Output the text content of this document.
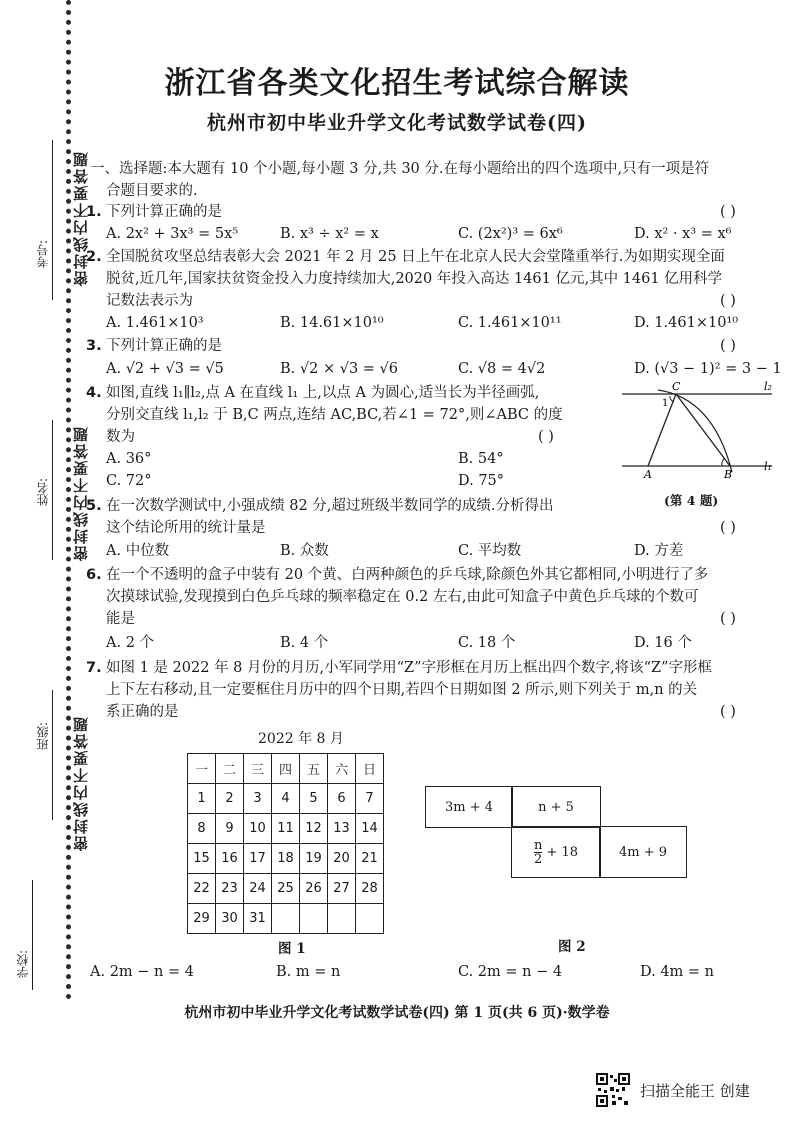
密封线内不要答题
考号:
密封线内不要答题
姓名:
密封线内不要答题
班级:
学校:
浙江省各类文化招生考试综合解读
杭州市初中毕业升学文化考试数学试卷(四)
一、选择题:本大题有 10 个小题,每小题 3 分,共 30 分.在每小题给出的四个选项中,只有一项是符
合题目要求的.
1. 下列计算正确的是	( )
A. 2x² + 3x³ = 5x⁵	B. x³ ÷ x² = x	C. (2x²)³ = 6x⁶	D. x² · x³ = x⁶
2. 全国脱贫攻坚总结表彰大会 2021 年 2 月 25 日上午在北京人民大会堂隆重举行.为如期实现全面
脱贫,近几年,国家扶贫资金投入力度持续加大,2020 年投入高达 1461 亿元,其中 1461 亿用科学
记数法表示为	( )
A. 1.461×10³	B. 14.61×10¹⁰	C. 1.461×10¹¹	D. 1.461×10¹⁰
3. 下列计算正确的是	( )
A. √2 + √3 = √5	B. √2 × √3 = √6	C. √8 = 4√2	D. (√3 − 1)² = 3 − 1
4. 如图,直线 l₁∥l₂,点 A 在直线 l₁ 上,以点 A 为圆心,适当长为半径画弧,
分别交直线 l₁,l₂ 于 B,C 两点,连结 AC,BC,若∠1 = 72°,则∠ABC 的度
数为	( )
A. 36°	B. 54°
C. 72°	D. 75°
C
1
A	B
l₂
l₁
(第 4 题)
5. 在一次数学测试中,小强成绩 82 分,超过班级半数同学的成绩.分析得出
这个结论所用的统计量是	( )
A. 中位数	B. 众数	C. 平均数	D. 方差
6. 在一个不透明的盒子中装有 20 个黄、白两种颜色的乒乓球,除颜色外其它都相同,小明进行了多
次摸球试验,发现摸到白色乒乓球的频率稳定在 0.2 左右,由此可知盒子中黄色乒乓球的个数可
能是	( )
A. 2 个	B. 4 个	C. 18 个	D. 16 个
7. 如图 1 是 2022 年 8 月份的月历,小军同学用“Z”字形框在月历上框出四个数字,将该“Z”字形框
上下左右移动,且一定要框住月历中的四个日期,若四个日期如图 2 所示,则下列关于 m,n 的关
系正确的是	( )
2022 年 8 月
一	二	三	四	五	六	日
1	2	3	4	5	6	7
8	9	10	11	12	13	14
15	16	17	18	19	20	21
22	23	24	25	26	27	28
29	30	31				
图 1
3m + 4	n + 5
$\frac{n}{2}$
+ 18	4m + 9
图 2
A. 2m − n = 4	B. m = n	C. 2m = n − 4	D. 4m = n
杭州市初中毕业升学文化考试数学试卷(四) 第 1 页(共 6 页)·数学卷
扫描全能王 创建
